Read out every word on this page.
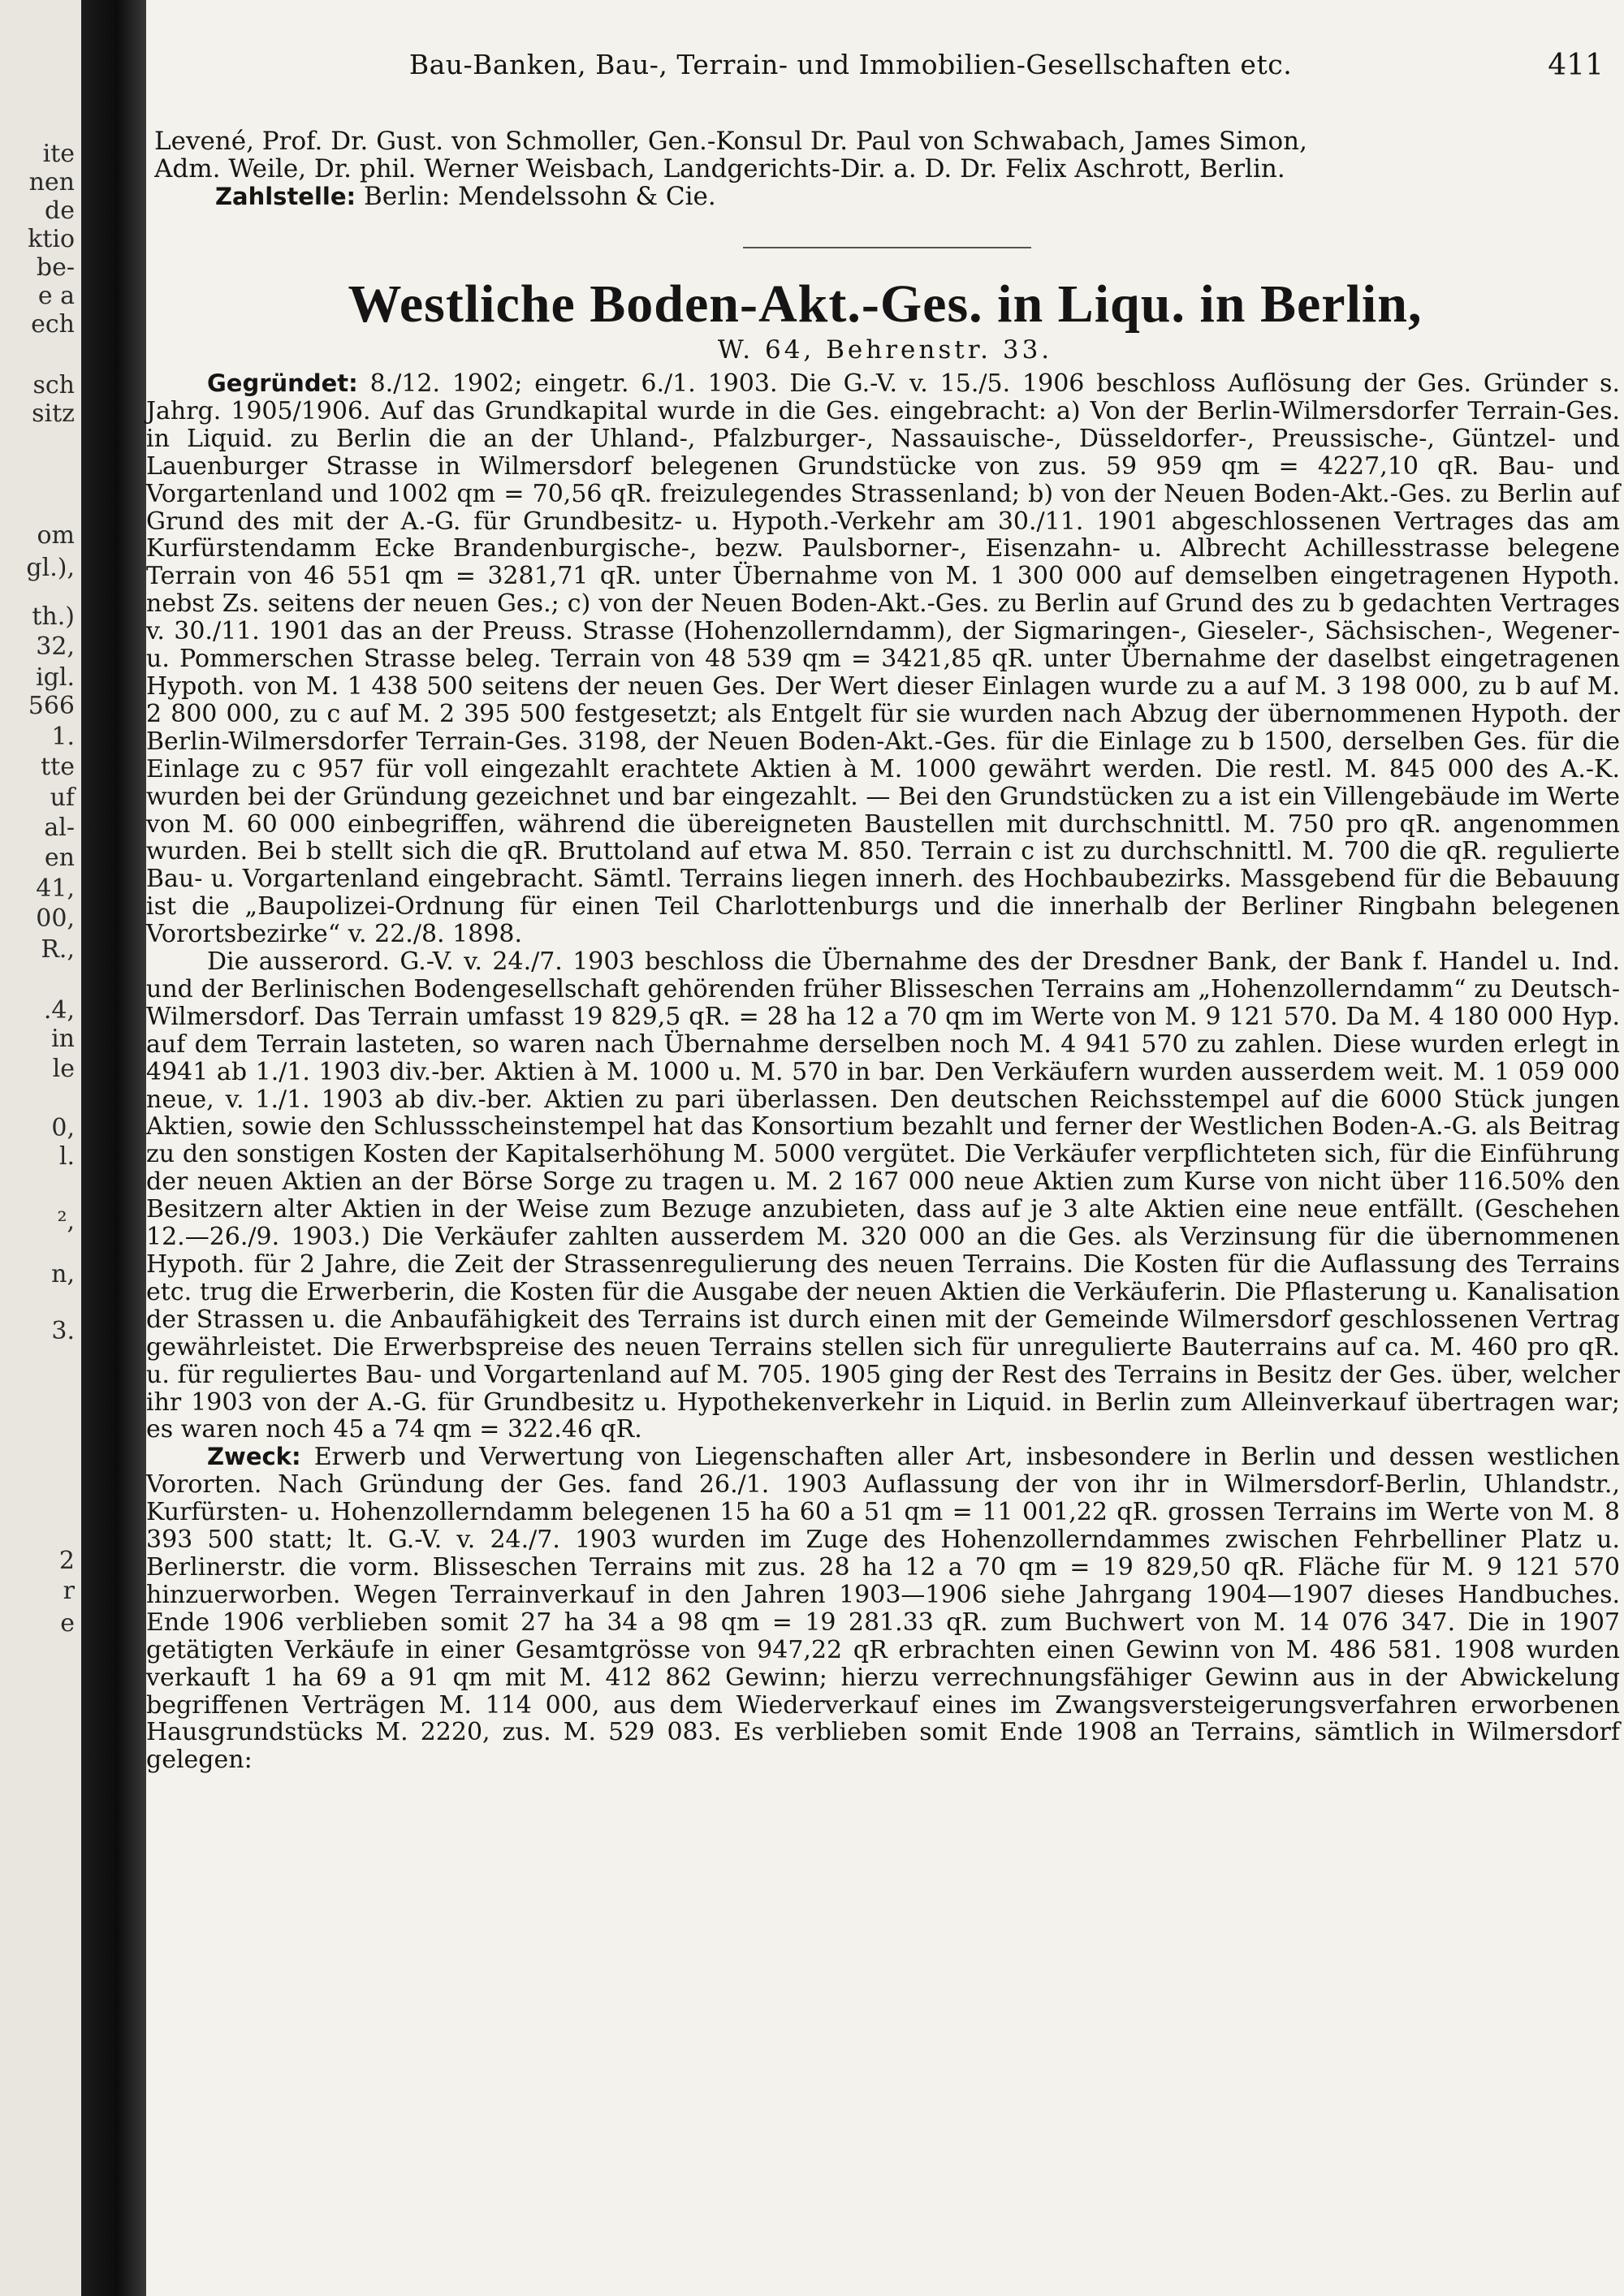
ite
nen
de
ktio
be-
e a
ech
sch
sitz
om
gl.),
th.)
32,
igl.
566
1.
tte
uf
al-
en
41,
00,
R.,
.4,
in
le
0,
l.
²,
n,
3.
2
r
e
Bau-Banken, Bau-, Terrain- und Immobilien-Gesellschaften etc.	411
Levené, Prof. Dr. Gust. von Schmoller, Gen.-Konsul Dr. Paul von Schwabach, James Simon,
Adm. Weile, Dr. phil. Werner Weisbach, Landgerichts-Dir. a. D. Dr. Felix Aschrott, Berlin.
Zahlstelle: Berlin: Mendelssohn & Cie.
Westliche Boden-Akt.-Ges. in Liqu. in Berlin,
W. 64, Behrenstr. 33.

Gegründet: 8./12. 1902; eingetr. 6./1. 1903. Die G.-V. v. 15./5. 1906 beschloss Auflösung der Ges. Gründer s. Jahrg. 1905/1906. Auf das Grundkapital wurde in die Ges. eingebracht: a) Von der Berlin-Wilmersdorfer Terrain-Ges. in Liquid. zu Berlin die an der Uhland-, Pfalzburger-, Nassauische-, Düsseldorfer-, Preussische-, Güntzel- und Lauenburger Strasse in Wilmersdorf belegenen Grundstücke von zus. 59 959 qm = 4227,10 qR. Bau- und Vorgartenland und 1002 qm = 70,56 qR. freizulegendes Strassenland; b) von der Neuen Boden-Akt.-Ges. zu Berlin auf Grund des mit der A.-G. für Grundbesitz- u. Hypoth.-Verkehr am 30./11. 1901 abgeschlossenen Vertrages das am Kurfürstendamm Ecke Brandenburgische-, bezw. Paulsborner-, Eisenzahn- u. Albrecht Achillesstrasse belegene Terrain von 46 551 qm = 3281,71 qR. unter Übernahme von M. 1 300 000 auf demselben eingetragenen Hypoth. nebst Zs. seitens der neuen Ges.; c) von der Neuen Boden-Akt.-Ges. zu Berlin auf Grund des zu b gedachten Vertrages v. 30./11. 1901 das an der Preuss. Strasse (Hohenzollerndamm), der Sigmaringen-, Gieseler-, Sächsischen-, Wegener- u. Pommerschen Strasse beleg. Terrain von 48 539 qm = 3421,85 qR. unter Übernahme der daselbst eingetragenen Hypoth. von M. 1 438 500 seitens der neuen Ges. Der Wert dieser Einlagen wurde zu a auf M. 3 198 000, zu b auf M. 2 800 000, zu c auf M. 2 395 500 festgesetzt; als Entgelt für sie wurden nach Abzug der übernommenen Hypoth. der Berlin-Wilmersdorfer Terrain-Ges. 3198, der Neuen Boden-Akt.-Ges. für die Einlage zu b 1500, derselben Ges. für die Einlage zu c 957 für voll eingezahlt erachtete Aktien à M. 1000 gewährt werden. Die restl. M. 845 000 des A.-K. wurden bei der Gründung gezeichnet und bar eingezahlt. — Bei den Grundstücken zu a ist ein Villengebäude im Werte von M. 60 000 einbegriffen, während die übereigneten Baustellen mit durchschnittl. M. 750 pro qR. angenommen wurden. Bei b stellt sich die qR. Bruttoland auf etwa M. 850. Terrain c ist zu durchschnittl. M. 700 die qR. regulierte Bau- u. Vorgartenland eingebracht. Sämtl. Terrains liegen innerh. des Hochbaubezirks. Massgebend für die Bebauung ist die „Baupolizei-Ordnung für einen Teil Charlottenburgs und die innerhalb der Berliner Ringbahn belegenen Vorortsbezirke“ v. 22./8. 1898.

Die ausserord. G.-V. v. 24./7. 1903 beschloss die Übernahme des der Dresdner Bank, der Bank f. Handel u. Ind. und der Berlinischen Bodengesellschaft gehörenden früher Blisseschen Terrains am „Hohenzollerndamm“ zu Deutsch-Wilmersdorf. Das Terrain umfasst 19 829,5 qR. = 28 ha 12 a 70 qm im Werte von M. 9 121 570. Da M. 4 180 000 Hyp. auf dem Terrain lasteten, so waren nach Übernahme derselben noch M. 4 941 570 zu zahlen. Diese wurden erlegt in 4941 ab 1./1. 1903 div.-ber. Aktien à M. 1000 u. M. 570 in bar. Den Verkäufern wurden ausserdem weit. M. 1 059 000 neue, v. 1./1. 1903 ab div.-ber. Aktien zu pari überlassen. Den deutschen Reichsstempel auf die 6000 Stück jungen Aktien, sowie den Schlussscheinstempel hat das Konsortium bezahlt und ferner der Westlichen Boden-A.-G. als Beitrag zu den sonstigen Kosten der Kapitalserhöhung M. 5000 vergütet. Die Verkäufer verpflichteten sich, für die Einführung der neuen Aktien an der Börse Sorge zu tragen u. M. 2 167 000 neue Aktien zum Kurse von nicht über 116.50% den Besitzern alter Aktien in der Weise zum Bezuge anzubieten, dass auf je 3 alte Aktien eine neue entfällt. (Geschehen 12.—26./9. 1903.) Die Verkäufer zahlten ausserdem M. 320 000 an die Ges. als Verzinsung für die übernommenen Hypoth. für 2 Jahre, die Zeit der Strassenregulierung des neuen Terrains. Die Kosten für die Auflassung des Terrains etc. trug die Erwerberin, die Kosten für die Ausgabe der neuen Aktien die Verkäuferin. Die Pflasterung u. Kanalisation der Strassen u. die Anbaufähigkeit des Terrains ist durch einen mit der Gemeinde Wilmersdorf geschlossenen Vertrag gewährleistet. Die Erwerbspreise des neuen Terrains stellen sich für unregulierte Bauterrains auf ca. M. 460 pro qR. u. für reguliertes Bau- und Vorgartenland auf M. 705. 1905 ging der Rest des Terrains in Besitz der Ges. über, welcher ihr 1903 von der A.-G. für Grundbesitz u. Hypothekenverkehr in Liquid. in Berlin zum Alleinverkauf übertragen war; es waren noch 45 a 74 qm = 322.46 qR.

Zweck: Erwerb und Verwertung von Liegenschaften aller Art, insbesondere in Berlin und dessen westlichen Vororten. Nach Gründung der Ges. fand 26./1. 1903 Auflassung der von ihr in Wilmersdorf-Berlin, Uhlandstr., Kurfürsten- u. Hohenzollerndamm belegenen 15 ha 60 a 51 qm = 11 001,22 qR. grossen Terrains im Werte von M. 8 393 500 statt; lt. G.-V. v. 24./7. 1903 wurden im Zuge des Hohenzollerndammes zwischen Fehrbelliner Platz u. Berlinerstr. die vorm. Blisseschen Terrains mit zus. 28 ha 12 a 70 qm = 19 829,50 qR. Fläche für M. 9 121 570 hinzuerworben. Wegen Terrainverkauf in den Jahren 1903—1906 siehe Jahrgang 1904—1907 dieses Handbuches. Ende 1906 verblieben somit 27 ha 34 a 98 qm = 19 281.33 qR. zum Buchwert von M. 14 076 347. Die in 1907 getätigten Verkäufe in einer Gesamtgrösse von 947,22 qR erbrachten einen Gewinn von M. 486 581. 1908 wurden verkauft 1 ha 69 a 91 qm mit M. 412 862 Gewinn; hierzu verrechnungsfähiger Gewinn aus in der Abwickelung begriffenen Verträgen M. 114 000, aus dem Wiederverkauf eines im Zwangsversteigerungsverfahren erworbenen Hausgrundstücks M. 2220, zus. M. 529 083. Es verblieben somit Ende 1908 an Terrains, sämtlich in Wilmersdorf gelegen:
